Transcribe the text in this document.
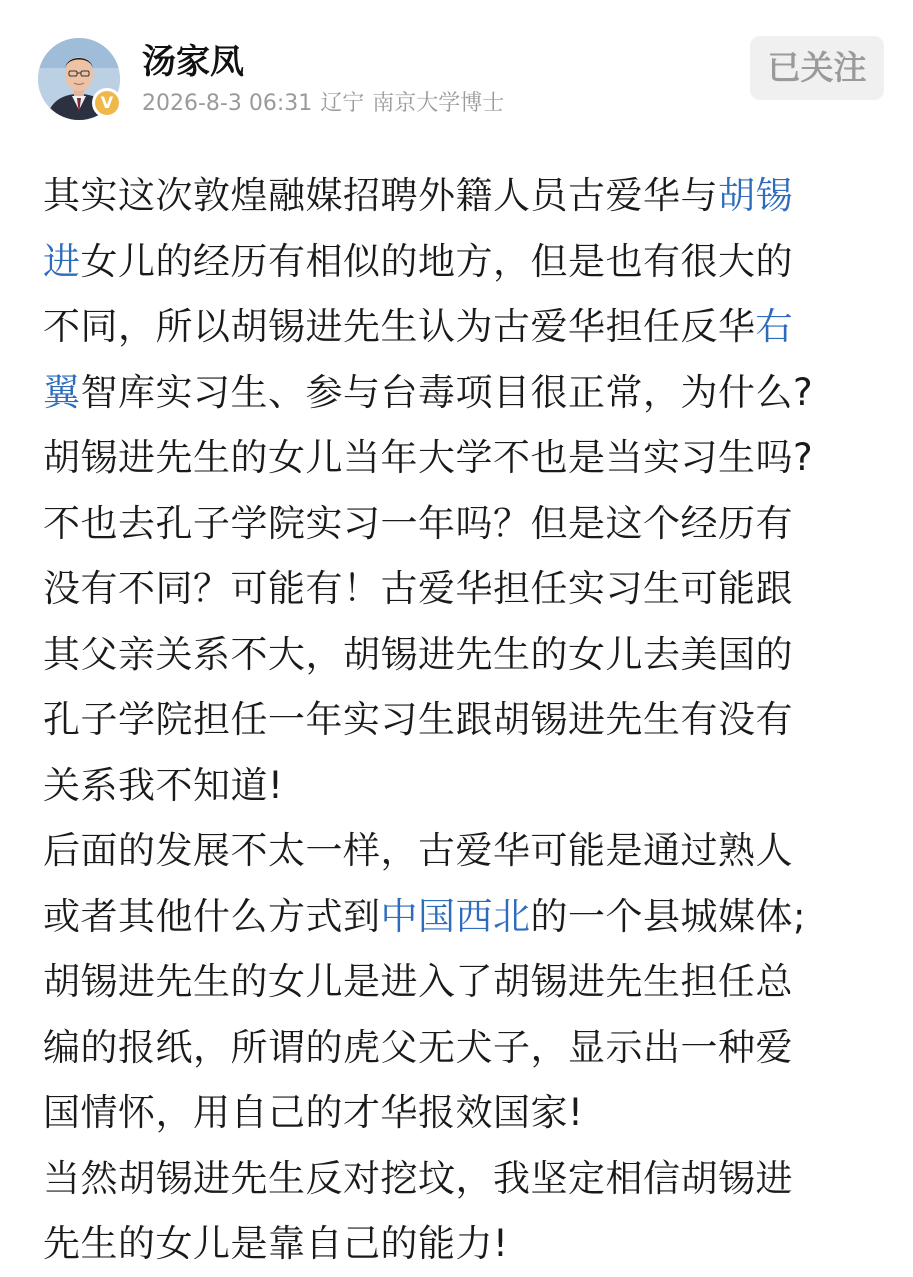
V
汤家凤
2026-8-3 06:31 辽宁 南京大学博士
已关注
其实这次敦煌融媒招聘外籍人员古爱华与胡锡
进女儿的经历有相似的地方，但是也有很大的
不同，所以胡锡进先生认为古爱华担任反华右
翼智库实习生、参与台毒项目很正常，为什么?
胡锡进先生的女儿当年大学不也是当实习生吗?
不也去孔子学院实习一年吗？但是这个经历有
没有不同？可能有！古爱华担任实习生可能跟
其父亲关系不大，胡锡进先生的女儿去美国的
孔子学院担任一年实习生跟胡锡进先生有没有
关系我不知道!
后面的发展不太一样，古爱华可能是通过熟人
或者其他什么方式到中国西北的一个县城媒体;
胡锡进先生的女儿是进入了胡锡进先生担任总
编的报纸，所谓的虎父无犬子，显示出一种爱
国情怀，用自己的才华报效国家!
当然胡锡进先生反对挖坟，我坚定相信胡锡进
先生的女儿是靠自己的能力!
